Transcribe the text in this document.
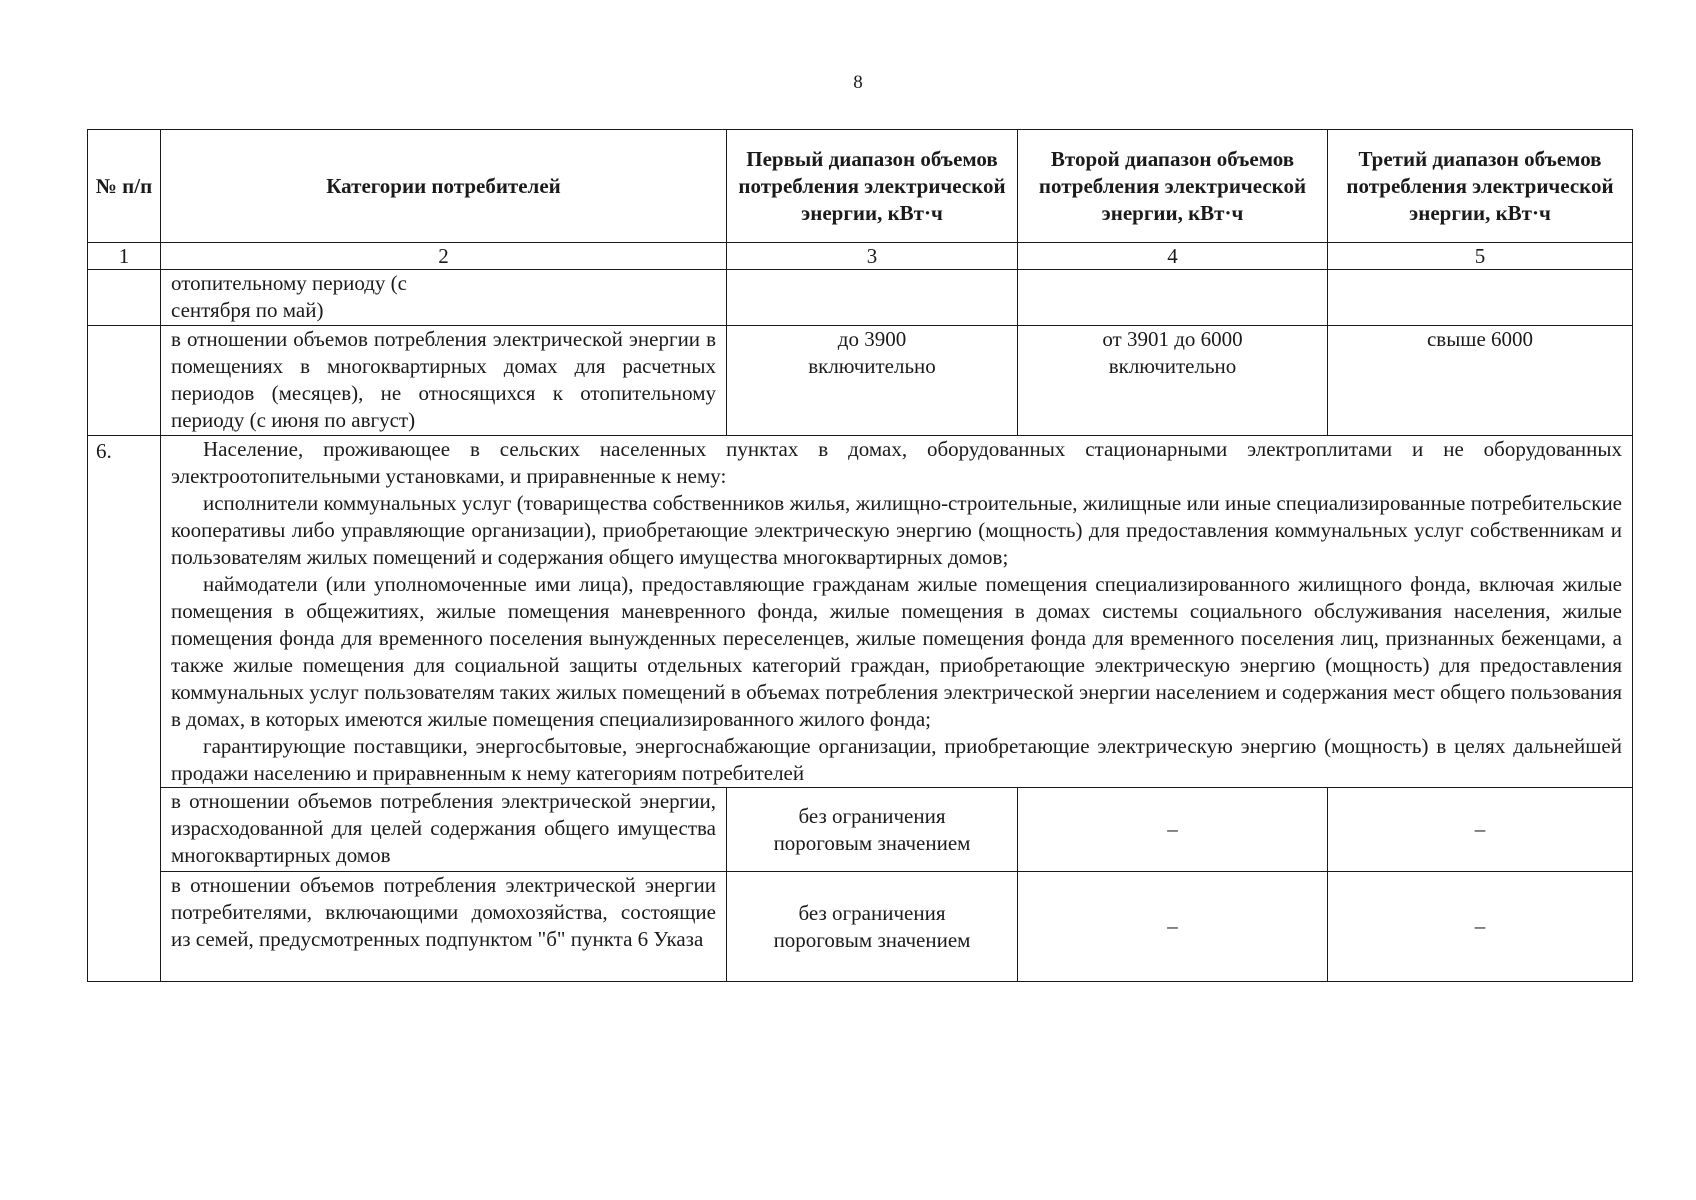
8
№ п/п	Категории потребителей	Первый диапазон объемов потребления электрической энергии, кВт·ч	Второй диапазон объемов потребления электрической энергии, кВт·ч	Третий диапазон объемов потребления электрической энергии, кВт·ч
1	2	3	4	5
	отопительному периоду (с сентября по май)			
	в отношении объемов потребления электрической энергии в помещениях в многоквартирных домах для расчетных периодов (месяцев), не относящихся к отопительному периоду (с июня по август)	до 3900 включительно	от 3901 до 6000 включительно	свыше 6000
6.	Население, проживающее в сельских населенных пунктах в домах, оборудованных стационарными электроплитами и не оборудованных электроотопительными установками, и приравненные к нему:

исполнители коммунальных услуг (товарищества собственников жилья, жилищно-строительные, жилищные или иные специализированные потребительские кооперативы либо управляющие организации), приобретающие электрическую энергию (мощность) для предоставления коммунальных услуг собственникам и пользователям жилых помещений и содержания общего имущества многоквартирных домов;

наймодатели (или уполномоченные ими лица), предоставляющие гражданам жилые помещения специализированного жилищного фонда, включая жилые помещения в общежитиях, жилые помещения маневренного фонда, жилые помещения в домах системы социального обслуживания населения, жилые помещения фонда для временного поселения вынужденных переселенцев, жилые помещения фонда для временного поселения лиц, признанных беженцами, а также жилые помещения для социальной защиты отдельных категорий граждан, приобретающие электрическую энергию (мощность) для предоставления коммунальных услуг пользователям таких жилых помещений в объемах потребления электрической энергии населением и содержания мест общего пользования в домах, в которых имеются жилые помещения специализированного жилого фонда;

гарантирующие поставщики, энергосбытовые, энергоснабжающие организации, приобретающие электрическую энергию (мощность) в целях дальнейшей продажи населению и приравненным к нему категориям потребителей			

	в отношении объемов потребления электрической энергии, израсходованной для целей содержания общего имущества многоквартирных домов	без ограничения пороговым значением	–	–
	в отношении объемов потребления электрической энергии потребителями, включающими домохозяйства, состоящие из семей, предусмотренных подпунктом "б" пункта 6 Указа	без ограничения пороговым значением	–	–
